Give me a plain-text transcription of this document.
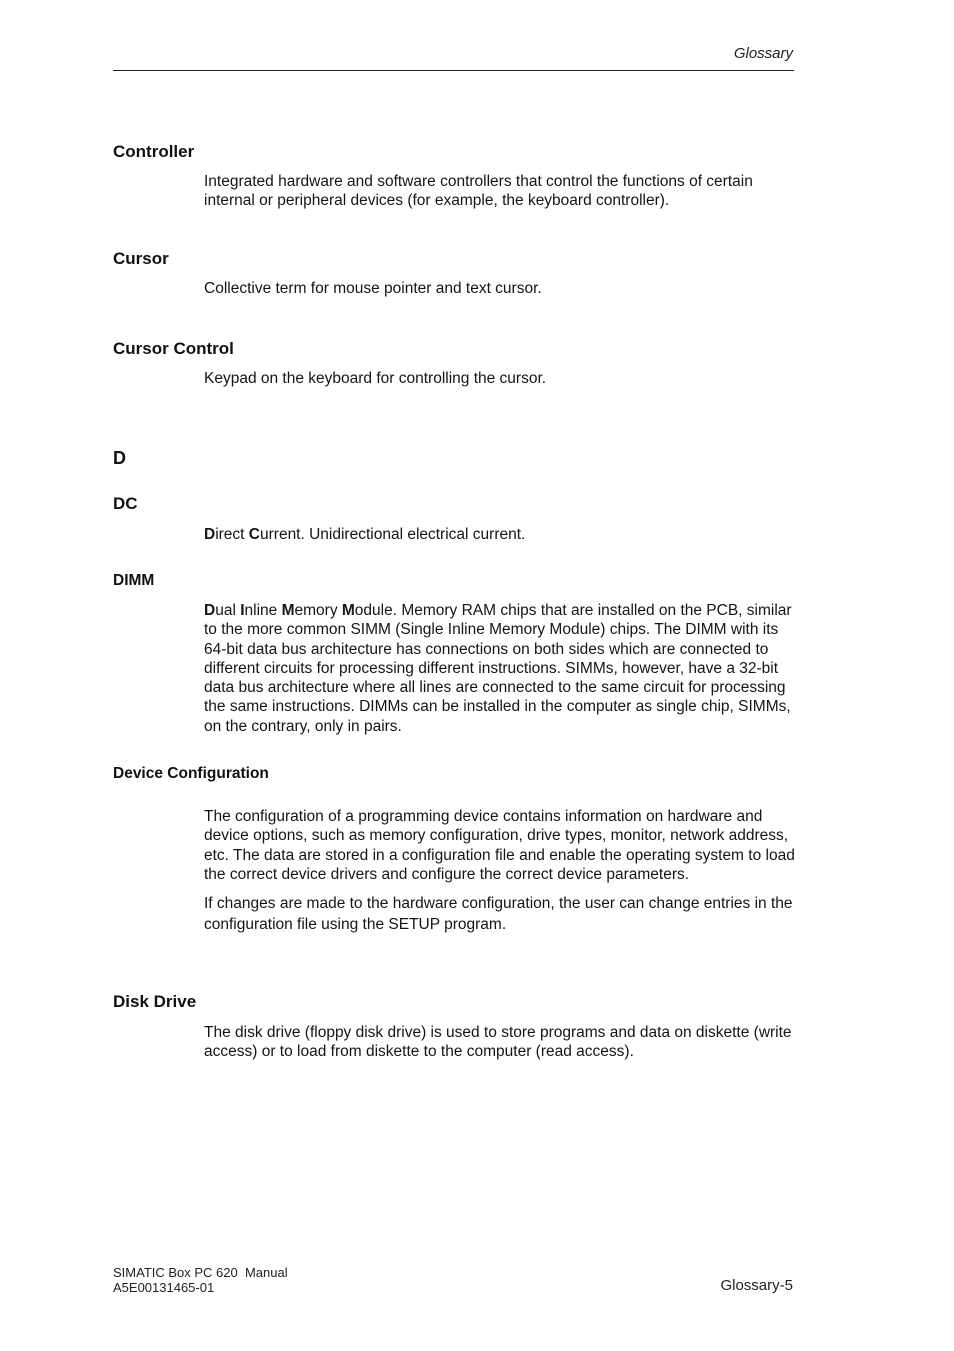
Glossary
Controller

Integrated hardware and software controllers that control the functions of certain internal or peripheral devices (for example, the keyboard controller).

Cursor

Collective term for mouse pointer and text cursor.

Cursor Control

Keypad on the keyboard for controlling the cursor.

D
DC

Direct Current. Unidirectional electrical current.

DIMM

Dual Inline Memory Module. Memory RAM chips that are installed on the PCB, similar to the more common SIMM (Single Inline Memory Module) chips. The DIMM with its 64-bit data bus architecture has connections on both sides which are connected to different circuits for processing different instructions. SIMMs, however, have a 32-bit data bus architecture where all lines are connected to the same circuit for processing the same instructions. DIMMs can be installed in the computer as single chip, SIMMs, on the contrary, only in pairs.

Device Configuration

The configuration of a programming device contains information on hardware and device options, such as memory configuration, drive types, monitor, network address, etc. The data are stored in a configuration file and enable the operating system to load the correct device drivers and configure the correct device parameters.

If changes are made to the hardware configuration, the user can change entries in the configuration file using the SETUP program.

Disk Drive

The disk drive (floppy disk drive) is used to store programs and data on diskette (write access) or to load from diskette to the computer (read access).

SIMATIC Box PC 620  Manual
A5E00131465-01	Glossary-5
